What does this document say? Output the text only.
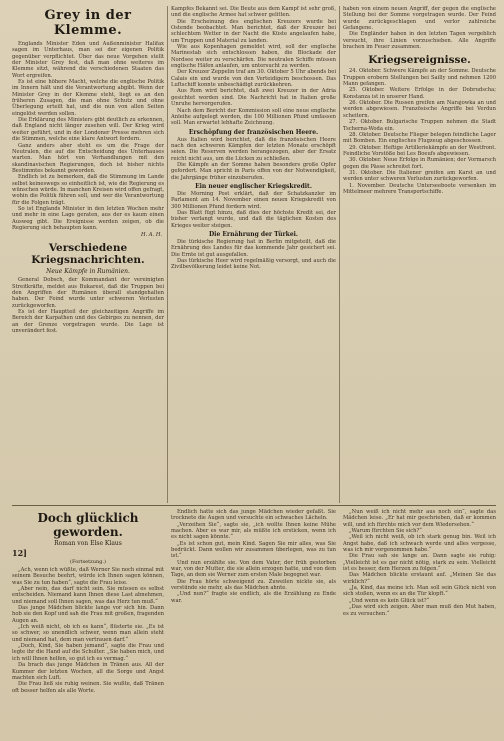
Grey in der Klemme.

Englands Minister Eden und Außenminister Halifax sagen im Unterhaus, man sei der eigenen Politik gegenüber verpflichtet. Über das neue Vorgehen stellt der Minister Grey fest, daß man ohne weiteres im Klemme sitzt, während die verschiedenen Staaten das Wort ergreifen.

Es ist eine höhere Macht, welche die englische Politik im Innern hält und die Verantwortung abgibt. Wenn der Minister Grey in der Klemme steht, liegt es an den früheren Zusagen, die man ohne Schutz und ohne Überlegung erteilt hat, und die nun von allen Seiten eingelöst werden sollen.

Die Erklärung des Ministers gibt deutlich zu erkennen, daß England nicht länger zusehen will. Der Krieg wird weiter geführt, und in der Londoner Presse mehren sich die Stimmen, welche eine klare Antwort fordern.

Ganz anders aber steht es um die Frage der Neutralen, die auf die Entscheidung des Unterhauses warten. Man hört von Verhandlungen mit den skandinavischen Regierungen, doch ist bisher nichts Bestimmtes bekannt geworden.

Endlich ist zu bemerken, daß die Stimmung im Lande selbst keineswegs so einheitlich ist, wie die Regierung es wünschen würde. In manchen Kreisen wird offen gefragt, wohin die Politik führen soll, und wer die Verantwortung für die Folgen trägt.

So ist Englands Minister in den letzten Wochen mehr und mehr in eine Lage geraten, aus der es kaum einen Ausweg gibt. Die Ereignisse werden zeigen, ob die Regierung sich behaupten kann.

H. A. H.
Verschiedene Kriegsnachrichten.
Neue Kämpfe in Rumänien.

General Dobsch, der Kommandant der vereinigten Streitkräfte, meldet aus Bukarest, daß die Truppen bei den Angriffen der Rumänen überall standgehalten haben. Der Feind wurde unter schweren Verlusten zurückgeworfen.

Es ist der Hauptteil der gleichzeitigen Angriffe im Bereich der Karpathen und des Gebirges zu nennen, der an der Grenze vorgetragen wurde. Die Lage ist unverändert fest.

Kampfes Bekannt sei. Die Beute aus dem Kampf ist sehr groß, und die englische Armee hat schwer gelitten.

Die Erscheinung des englischen Kreuzers wurde bei Ostende beobachtet. Man berichtet, daß der Kreuzer bei schlechtem Wetter in der Nacht die Küste angelaufen habe, um Truppen und Material zu landen.

Wie aus Kopenhagen gemeldet wird, soll der englische Marinestab sich entschlossen haben, die Blockade der Nordsee weiter zu verschärfen. Die neutralen Schiffe müssen englische Häfen anlaufen, um untersucht zu werden.

Der Kreuzer Zeppelin traf am 30. Oktober 5 Uhr abends bei Calais ein und wurde von den Verteidigern beschossen. Das Luftschiff konnte unbeschädigt zurückkehren.

Aus Rom wird berichtet, daß zwei Kreuzer in der Adria gesichtet worden sind. Die Nachricht hat in Italien große Unruhe hervorgerufen.

Nach dem Bericht der Kommission soll eine neue englische Anleihe aufgelegt werden, die 100 Millionen Pfund umfassen soll. Man erwartet lebhafte Zeichnung.

Erschöpfung der französischen Heere.

Aus Italien wird berichtet, daß die französischen Heere nach den schweren Kämpfen der letzten Monate erschöpft seien. Die Reserven werden herangezogen, aber der Ersatz reicht nicht aus, um die Lücken zu schließen.

Die Kämpfe an der Somme haben besonders große Opfer gefordert. Man spricht in Paris offen von der Notwendigkeit, die Jahrgänge früher einzuberufen.

Ein neuer englischer Kriegskredit.

Die Morning Post erklärt, daß der Schatzkanzler im Parlament am 14. November einen neuen Kriegskredit von 300 Millionen Pfund fordern wird.

Das Blatt fügt hinzu, daß dies der höchste Kredit sei, der bisher verlangt wurde, und daß die täglichen Kosten des Krieges weiter steigen.

Die Ernährung der Türkei.

Die türkische Regierung hat in Berlin mitgeteilt, daß die Ernährung des Landes für das kommende Jahr gesichert sei. Die Ernte ist gut ausgefallen.

Das türkische Heer wird regelmäßig versorgt, und auch die Zivilbevölkerung leidet keine Not.

haben von einem neuen Angriff, der gegen die englische Stellung bei der Somme vorgetragen wurde. Der Feind wurde zurückgeschlagen und verlor zahlreiche Gefangene.

Die Engländer haben in den letzten Tagen vergeblich versucht, ihre Linien vorzuschieben. Alle Angriffe brachen im Feuer zusammen.

Kriegsereignisse.

24. Oktober. Schwere Kämpfe an der Somme. Deutsche Truppen erobern Stellungen bei Sailly und nehmen 1200 Mann gefangen.

25. Oktober. Weitere Erfolge in der Dobrudscha; Konstanza ist in unserer Hand.

26. Oktober. Die Russen greifen am Narajowka an und werden abgewiesen. Französische Angriffe bei Verdun scheitern.

27. Oktober. Bulgarische Truppen nehmen die Stadt Tscherna-Woda ein.

28. Oktober. Deutsche Flieger belegen feindliche Lager mit Bomben. Ein englisches Flugzeug abgeschossen.

29. Oktober. Heftige Artilleriekämpfe an der Westfront. Feindliche Vorstöße bei Les Boeufs abgewiesen.

30. Oktober. Neue Erfolge in Rumänien; der Vormarsch gegen die Pässe schreitet fort.

31. Oktober. Die Italiener greifen am Karst an und werden unter schweren Verlusten zurückgeworfen.

1. November. Deutsche Unterseeboote versenken im Mittelmeer mehrere Transportschiffe.

Doch glücklich geworden.
Roman von Else Klaus
12]
(Fortsetzung.)

„Ach, wenn ich wüßte, daß Werner Sie noch einmal mit seinem Besuche beehrt, würde ich Ihnen sagen können, was Sie zu tun haben“, sagte die Frau leise.

„Aber nein, das darf nicht sein. Sie müssen es selbst entscheiden. Niemand kann Ihnen diese Last abnehmen, und niemand soll Ihnen sagen, was das Herz tun muß.“

Das junge Mädchen blickte lange vor sich hin. Dann hob sie den Kopf und sah die Frau mit großen, fragenden Augen an.

„Ich weiß nicht, ob ich es kann“, flüsterte sie. „Es ist so schwer, so unendlich schwer, wenn man allein steht und niemand hat, dem man vertrauen darf.“

„Doch, Kind, Sie haben jemand“, sagte die Frau und legte ihr die Hand auf die Schulter. „Sie haben mich, und ich will Ihnen helfen, so gut ich es vermag.“

Da brach das junge Mädchen in Tränen aus. All der Kummer der letzten Wochen, all die Sorge und Angst machten sich Luft.

Die Frau ließ sie ruhig weinen. Sie wußte, daß Tränen oft besser helfen als alle Worte.

Endlich hatte sich das junge Mädchen wieder gefaßt. Sie trocknete die Augen und versuchte ein schwaches Lächeln.

„Verzeihen Sie“, sagte sie, „ich wollte Ihnen keine Mühe machen. Aber es war mir, als müßte ich ersticken, wenn ich es nicht sagen könnte.“

„Es ist schon gut, mein Kind. Sagen Sie mir alles, was Sie bedrückt. Dann wollen wir zusammen überlegen, was zu tun ist.“

Und nun erzählte sie. Von dem Vater, der früh gestorben war, von der Mutter, die sie allein erzogen hatte, und von dem Tage, an dem sie Werner zum ersten Male begegnet war.

Die Frau hörte schweigend zu. Zuweilen nickte sie, als verstünde sie mehr, als das Mädchen ahnte.

„Und nun?“ fragte sie endlich, als die Erzählung zu Ende war.

„Nun weiß ich nicht mehr aus noch ein“, sagte das Mädchen leise. „Er hat mir geschrieben, daß er kommen will, und ich fürchte mich vor dem Wiedersehen.“

„Warum fürchten Sie sich?“

„Weil ich nicht weiß, ob ich stark genug bin. Weil ich Angst habe, daß ich schwach werde und alles vergesse, was ich mir vorgenommen habe.“

Die Frau sah sie lange an. Dann sagte sie ruhig: „Vielleicht ist es gar nicht nötig, stark zu sein. Vielleicht ist es besser, dem Herzen zu folgen.“

Das Mädchen blickte erstaunt auf. „Meinen Sie das wirklich?“

„Ja, Kind, das meine ich. Man soll sein Glück nicht von sich stoßen, wenn es an die Tür klopft.“

„Und wenn es kein Glück ist?“

„Das wird sich zeigen. Aber man muß den Mut haben, es zu versuchen.“
